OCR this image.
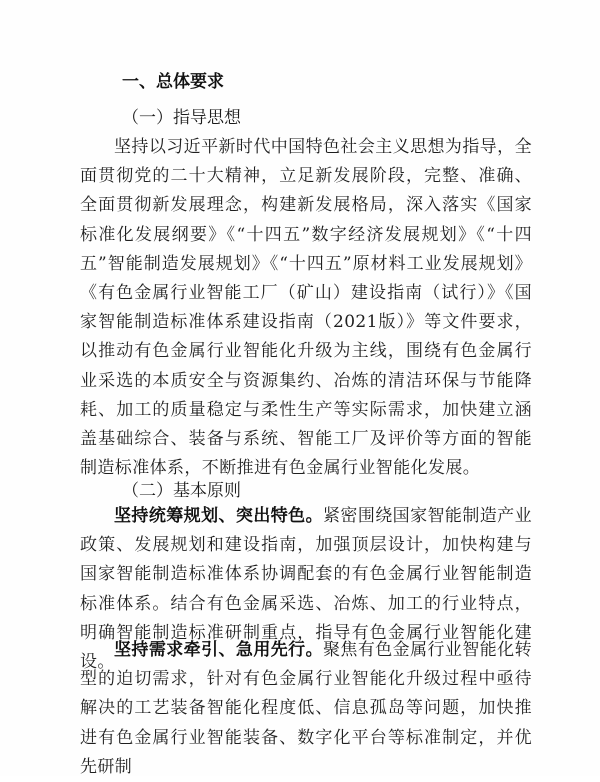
一、总体要求
（一）指导思想

坚持以习近平新时代中国特色社会主义思想为指导，全面贯彻党的二十大精神，立足新发展阶段，完整、准确、全面贯彻新发展理念，构建新发展格局，深入落实《国家标准化发展纲要》《“十四五”数字经济发展规划》《“十四五”智能制造发展规划》《“十四五”原材料工业发展规划》《有色金属行业智能工厂（矿山）建设指南（试行）》《国家智能制造标准体系建设指南（2021版）》等文件要求，以推动有色金属行业智能化升级为主线，围绕有色金属行业采选的本质安全与资源集约、冶炼的清洁环保与节能降耗、加工的质量稳定与柔性生产等实际需求，加快建立涵盖基础综合、装备与系统、智能工厂及评价等方面的智能制造标准体系，不断推进有色金属行业智能化发展。

（二）基本原则

坚持统筹规划、突出特色。紧密围绕国家智能制造产业政策、发展规划和建设指南，加强顶层设计，加快构建与国家智能制造标准体系协调配套的有色金属行业智能制造标准体系。结合有色金属采选、冶炼、加工的行业特点，明确智能制造标准研制重点，指导有色金属行业智能化建设。

坚持需求牵引、急用先行。聚焦有色金属行业智能化转型的迫切需求，针对有色金属行业智能化升级过程中亟待解决的工艺装备智能化程度低、信息孤岛等问题，加快推进有色金属行业智能装备、数字化平台等标准制定，并优先研制
